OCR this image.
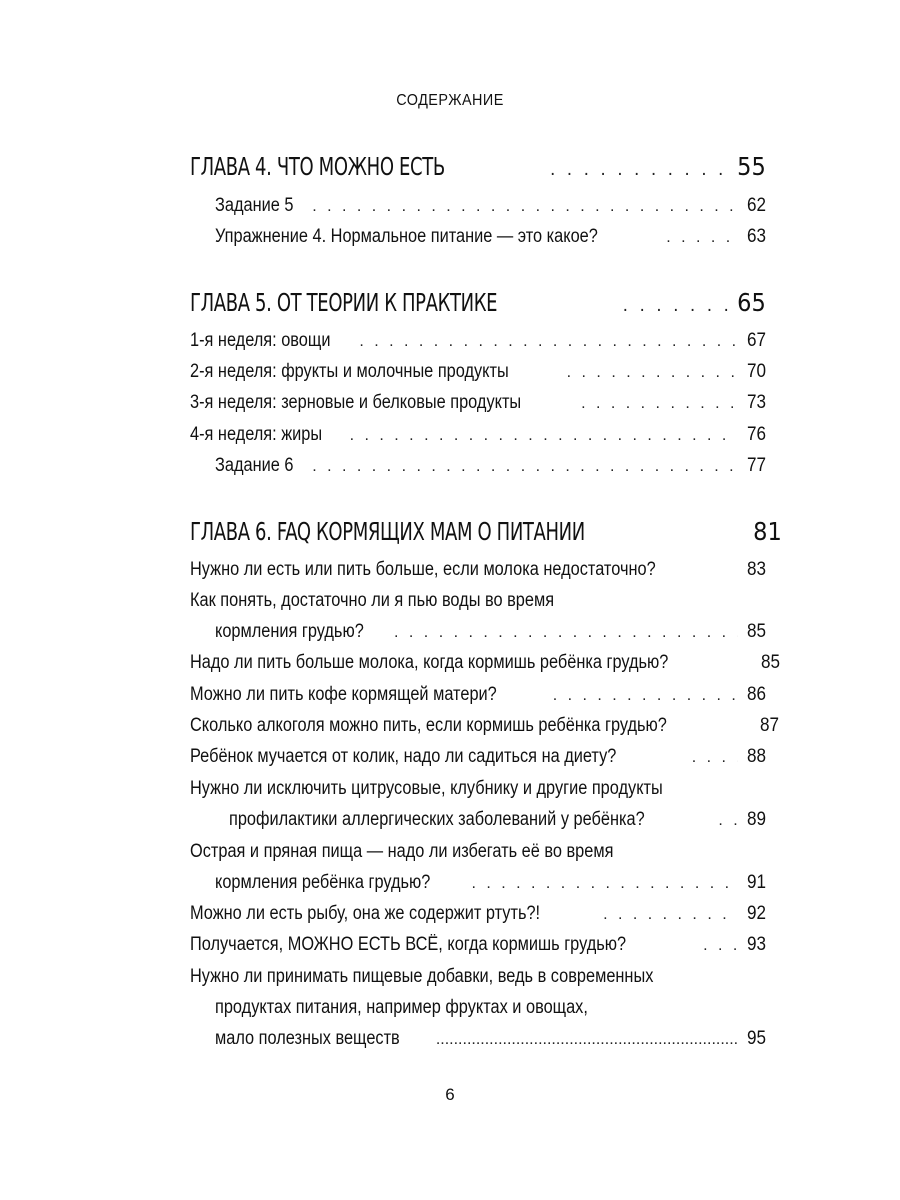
СОДЕРЖАНИЕ
ГЛАВА 4. ЧТО МОЖНО ЕСТЬ . . .	55
Задание 5 . . .	62
Упражнение 4. Нормальное питание — это какое? . . .	63
ГЛАВА 5. ОТ ТЕОРИИ К ПРАКТИКЕ . . .	65
1-я неделя: овощи . . .	67
2-я неделя: фрукты и молочные продукты . . .	70
3-я неделя: зерновые и белковые продукты . . .	73
4-я неделя: жиры . . .	76
Задание 6 . . .	77
ГЛАВА 6. FAQ КОРМЯЩИХ МАМ О ПИТАНИИ	81
Нужно ли есть или пить больше, если молока недостаточно? . . .	83
Как понять, достаточно ли я пью воды во время
кормления грудью? . . .	85
Надо ли пить больше молока, когда кормишь ребёнка грудью?	85
Можно ли пить кофе кормящей матери? . . .	86
Сколько алкоголя можно пить, если кормишь ребёнка грудью?	87
Ребёнок мучается от колик, надо ли садиться на диету? . . .	88
Нужно ли исключить цитрусовые, клубнику и другие продукты
профилактики аллергических заболеваний у ребёнка? . . .	89
Острая и пряная пища — надо ли избегать её во время
кормления ребёнка грудью? . . .	91
Можно ли есть рыбу, она же содержит ртуть?! . . .	92
Получается, МОЖНО ЕСТЬ ВСЁ, когда кормишь грудью? . . .	93
Нужно ли принимать пищевые добавки, ведь в современных
продуктах питания, например фруктах и овощах,
мало полезных веществ .....	95
6
